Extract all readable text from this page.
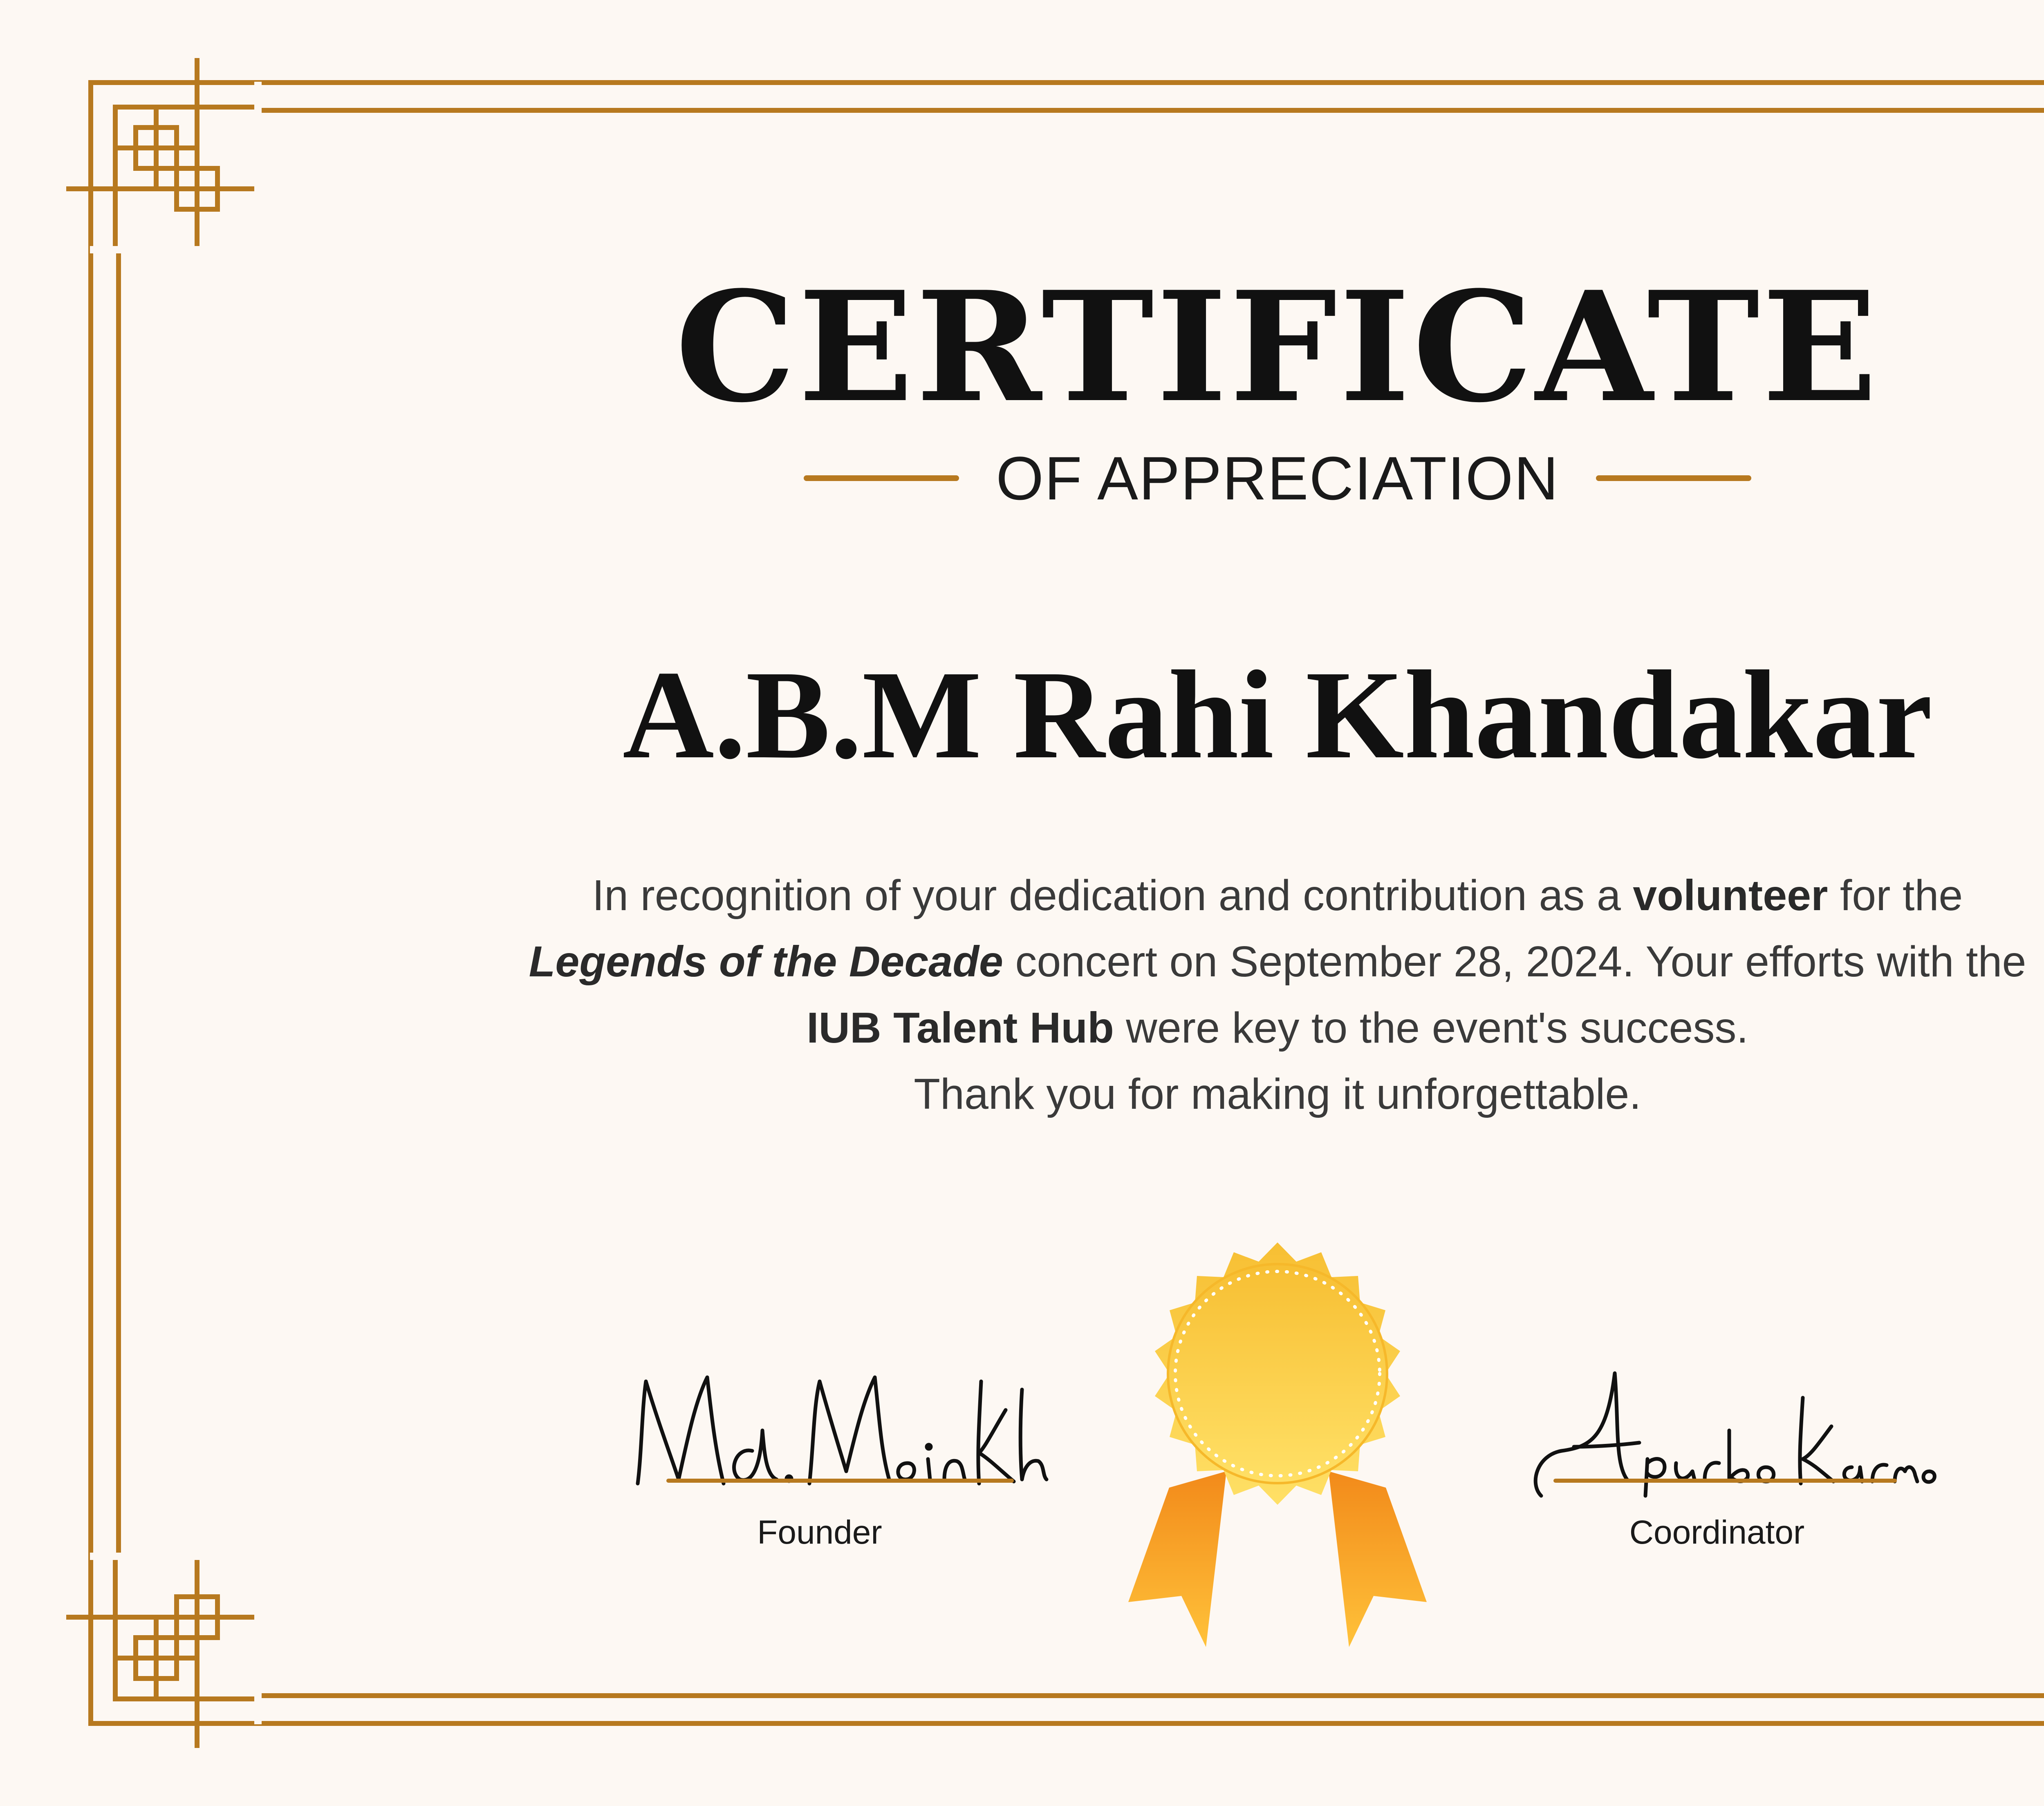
CERTIFICATE
OF APPRECIATION
A.B.M Rahi Khandakar

In recognition of your dedication and contribution as a volunteer for the
Legends of the Decade concert on September 28, 2024. Your efforts with the
IUB Talent Hub were key to the event's success.
Thank you for making it unforgettable.

Founder	Coordinator
